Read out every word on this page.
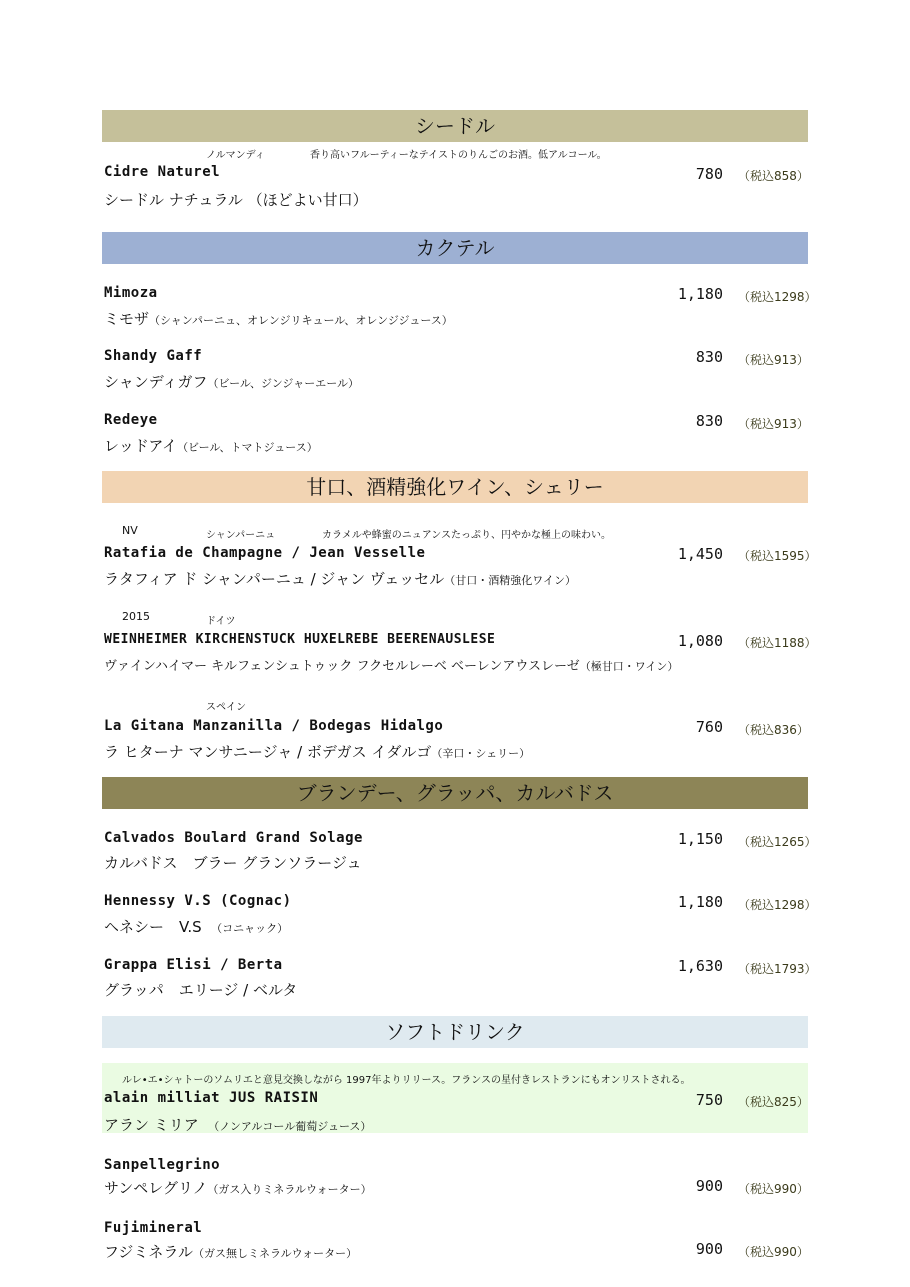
シードル
カクテル
甘口、酒精強化ワイン、シェリー
ブランデー、グラッパ、カルバドス
ソフトドリンク
ノルマンディ	香り高いフルーティーなテイストのりんごのお酒。低アルコール。
Cidre Naturel
シードル ナチュラル （ほどよい甘口）
780 （税込858）
Mimoza
ミモザ（シャンパーニュ、オレンジリキュール、オレンジジュース）
1,180 （税込1298）
Shandy Gaff
シャンディガフ（ビール、ジンジャーエール）
830 （税込913）
Redeye
レッドアイ（ビール、トマトジュース）
830 （税込913）
NV	シャンパーニュ	カラメルや蜂蜜のニュアンスたっぷり、円やかな極上の味わい。
Ratafia de Champagne / Jean Vesselle
ラタフィア ド シャンパーニュ / ジャン ヴェッセル（甘口・酒精強化ワイン）
1,450 （税込1595）
2015	ドイツ
WEINHEIMER KIRCHENSTUCK HUXELREBE BEERENAUSLESE
ヴァインハイマー キルフェンシュトゥック フクセルレーベ ベーレンアウスレーゼ（極甘口・ワイン）
1,080 （税込1188）
スペイン
La Gitana Manzanilla / Bodegas Hidalgo
ラ ヒターナ マンサニージャ / ボデガス イダルゴ（辛口・シェリー）
760 （税込836）
Calvados Boulard Grand Solage
カルバドス　ブラー グランソラージュ
1,150 （税込1265）
Hennessy V.S (Cognac)
ヘネシー　V.S　 （コニャック）
1,180 （税込1298）
Grappa Elisi / Berta
グラッパ　エリージ / ベルタ
1,630 （税込1793）
ルレ•エ•シャトーのソムリエと意見交換しながら 1997年よりリリース。フランスの星付きレストランにもオンリストされる。
alain milliat JUS RAISIN
アラン ミリア　 （ノンアルコール葡萄ジュース）
750 （税込825）
Sanpellegrino
サンペレグリノ（ガス入りミネラルウォーター）	900 （税込990）
Fujimineral
フジミネラル（ガス無しミネラルウォーター）	900 （税込990）
